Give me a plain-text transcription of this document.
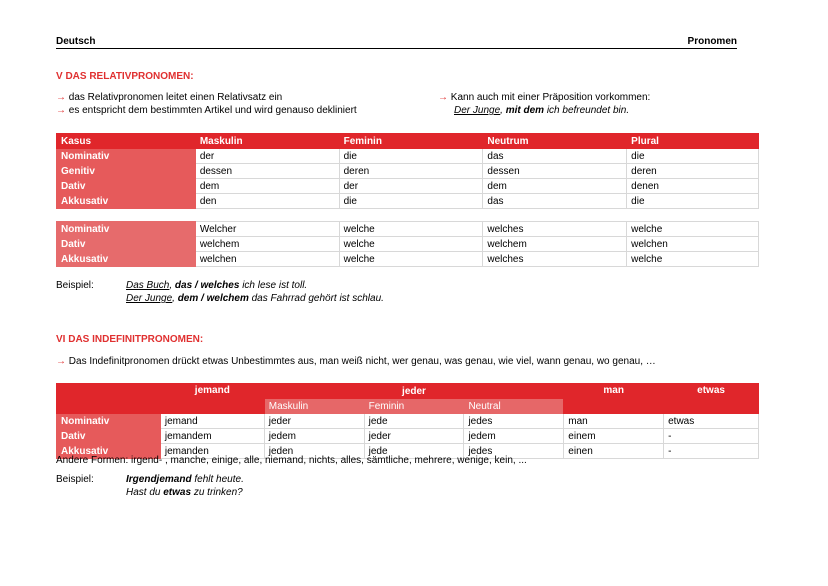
Deutsch	Pronomen
V DAS RELATIVPRONOMEN:
→ das Relativpronomen leitet einen Relativsatz ein
→ es entspricht dem bestimmten Artikel und wird genauso dekliniert
→ Kann auch mit einer Präposition vorkommen:
Der Junge, mit dem ich befreundet bin.
Kasus	Maskulin	Feminin	Neutrum	Plural
Nominativ	der	die	das	die
Genitiv	dessen	deren	dessen	deren
Dativ	dem	der	dem	denen
Akkusativ	den	die	das	die
Nominativ	Welcher	welche	welches	welche
Dativ	welchem	welche	welchem	welchen
Akkusativ	welchen	welche	welches	welche
Beispiel:	Das Buch, das / welches ich lese ist toll.
Der Junge, dem / welchem das Fahrrad gehört ist schlau.
VI DAS INDEFINITPRONOMEN:
→ Das Indefinitpronomen drückt etwas Unbestimmtes aus, man weiß nicht, wer genau, was genau, wie viel, wann genau, wo genau, …
	jemand	jeder			man	etwas
		Maskulin	Feminin	Neutral		
Nominativ	jemand	jeder	jede	jedes	man	etwas
Dativ	jemandem	jedem	jeder	jedem	einem	-
Akkusativ	jemanden	jeden	jede	jedes	einen	-
Andere Formen: irgend- , manche, einige, alle, niemand, nichts, alles, sämtliche, mehrere, wenige, kein, ...
Beispiel:	Irgendjemand fehlt heute.
Hast du etwas zu trinken?
